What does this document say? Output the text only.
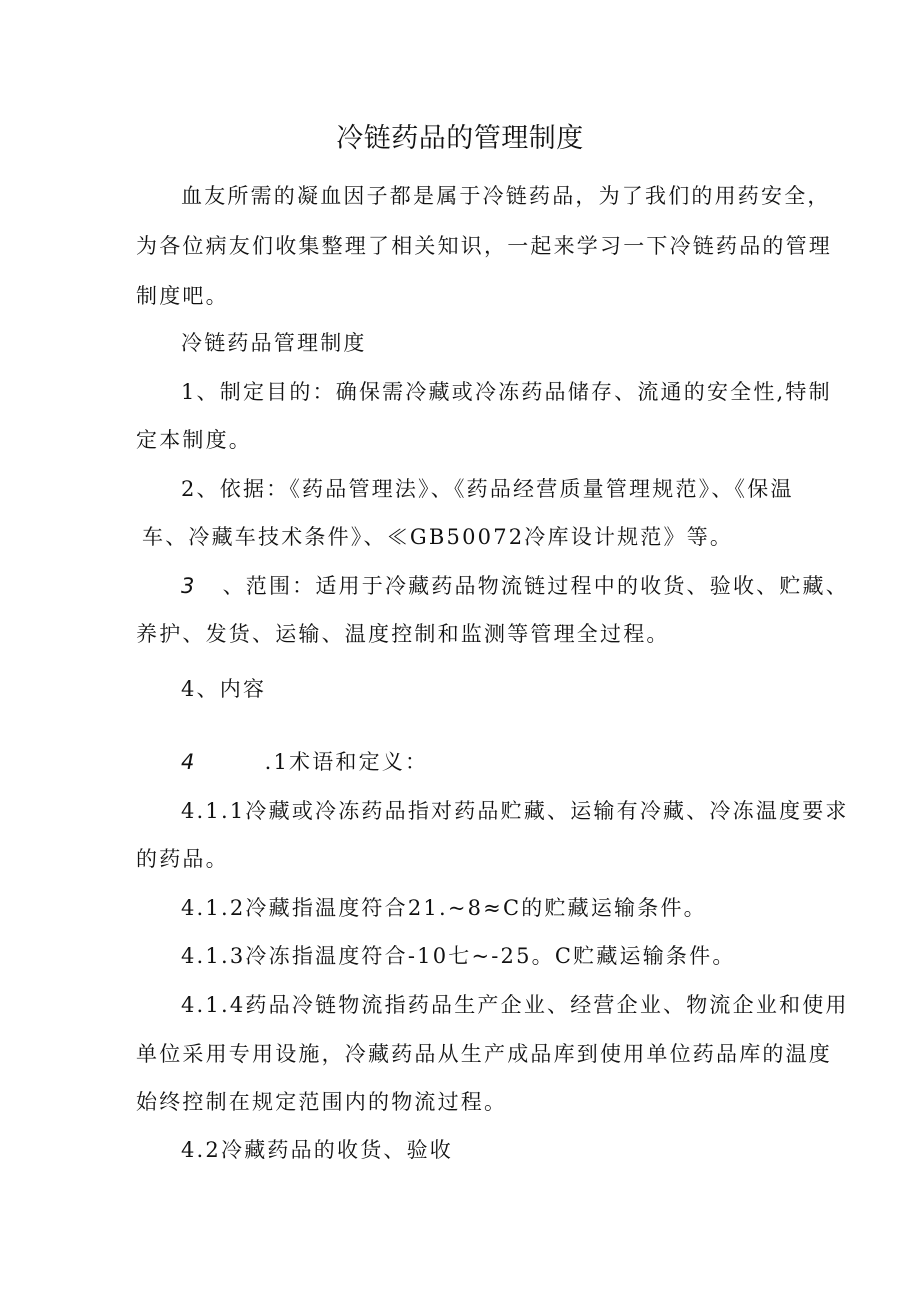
冷链药品的管理制度
血友所需的凝血因子都是属于冷链药品，为了我们的用药安全，
为各位病友们收集整理了相关知识，一起来学习一下冷链药品的管理
制度吧。
冷链药品管理制度
1、制定目的：确保需冷藏或冷冻药品储存、流通的安全性,特制
定本制度。
2、依据：《药品管理法》、《药品经营质量管理规范》、《保温
车、冷藏车技术条件》、≪GB50072冷库设计规范》等。
3 、范围：适用于冷藏药品物流链过程中的收货、验收、贮藏、
养护、发货、运输、温度控制和监测等管理全过程。
4、内容
4	.1术语和定义：
4.1.1冷藏或冷冻药品指对药品贮藏、运输有冷藏、冷冻温度要求
的药品。
4.1.2冷藏指温度符合21.~8≈C的贮藏运输条件。
4.1.3冷冻指温度符合-10七~-25。C贮藏运输条件。
4.1.4药品冷链物流指药品生产企业、经营企业、物流企业和使用
单位采用专用设施，冷藏药品从生产成品库到使用单位药品库的温度
始终控制在规定范围内的物流过程。
4.2冷藏药品的收货、验收
